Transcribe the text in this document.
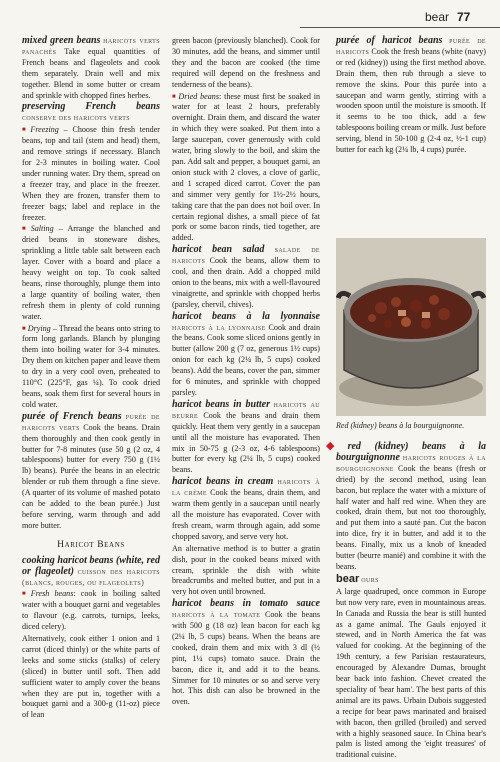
bear 77

mixed green beans haricots verts panachés Take equal quantities of French beans and flageolets and cook them separately. Drain well and mix together. Blend in some butter or cream and sprinkle with chopped fines herbes.

preserving French beans conserve des haricots verts

■ Freezing – Choose thin fresh tender beans, top and tail (stem and head) them, and remove strings if necessary. Blanch for 2-3 minutes in boiling water. Cool under running water. Dry them, spread on a freezer tray, and place in the freezer. When they are frozen, transfer them to freezer bags; label and replace in the freezer.

■ Salting – Arrange the blanched and dried beans in stoneware dishes, sprinkling a little table salt between each layer. Cover with a board and place a heavy weight on top. To cook salted beans, rinse thoroughly, plunge them into a large quantity of boiling water, then refresh them in plenty of cold running water.

■ Drying – Thread the beans onto string to form long garlands. Blanch by plunging them into boiling water for 3-4 minutes. Dry them on kitchen paper and leave them to dry in a very cool oven, preheated to 110°C (225°F, gas ¼). To cook dried beans, soak them first for several hours in cold water.

purée of French beans purée de haricots verts Cook the beans. Drain them thoroughly and then cook gently in butter for 7-8 minutes (use 50 g (2 oz, 4 tablespoons) butter for every 750 g (1½ lb) beans). Purée the beans in an electric blender or rub them through a fine sieve. (A quarter of its volume of mashed potato can be added to the bean purée.) Just before serving, warm through and add more butter.

Haricot Beans

cooking haricot beans (white, red or flageolet) cuisson des haricots (blancs, rouges, ou flageolets)

■ Fresh beans: cook in boiling salted water with a bouquet garni and vegetables to flavour (e.g. carrots, turnips, leeks, diced celery).

Alternatively, cook either 1 onion and 1 carrot (diced thinly) or the white parts of leeks and some sticks (stalks) of celery (sliced) in butter until soft. Then add sufficient water to amply cover the beans when they are put in, together with a bouquet garni and a 300-g (11-oz) piece of lean

green bacon (previously blanched). Cook for 30 minutes, add the beans, and simmer until they and the bacon are cooked (the time required will depend on the freshness and tenderness of the beans).

■ Dried beans: these must first be soaked in water for at least 2 hours, preferably overnight. Drain them, and discard the water in which they were soaked. Put them into a large saucepan, cover generously with cold water, bring slowly to the boil, and skim the pan. Add salt and pepper, a bouquet garni, an onion stuck with 2 cloves, a clove of garlic, and 1 scraped diced carrot. Cover the pan and simmer very gently for 1½-2½ hours, taking care that the pan does not boil over. In certain regional dishes, a small piece of fat pork or some bacon rinds, tied together, are added.

haricot bean salad salade de haricots Cook the beans, allow them to cool, and then drain. Add a chopped mild onion to the beans, mix with a well-flavoured vinaigrette, and sprinkle with chopped herbs (parsley, chervil, chives).

haricot beans à la lyonnaise haricots à la lyonnaise Cook and drain the beans. Cook some sliced onions gently in butter (allow 200 g (7 oz, generous 1½ cups) onion for each kg (2¼ lb, 5 cups) cooked beans). Add the beans, cover the pan, simmer for 6 minutes, and sprinkle with chopped parsley.

haricot beans in butter haricots au beurre Cook the beans and drain them quickly. Heat them very gently in a saucepan until all the moisture has evaporated. Then mix in 50-75 g (2-3 oz, 4-6 tablespoons) butter for every kg (2¼ lb, 5 cups) cooked beans.

haricot beans in cream haricots à la crème Cook the beans, drain them, and warm them gently in a saucepan until nearly all the moisture has evaporated. Cover with fresh cream, warm through again, add some chopped savory, and serve very hot.

An alternative method is to butter a gratin dish, pour in the cooked beans mixed with cream, sprinkle the dish with white breadcrumbs and melted butter, and put in a very hot oven until browned.

haricot beans in tomato sauce haricots à la tomate Cook the beans with 500 g (18 oz) lean bacon for each kg (2¼ lb, 5 cups) beans. When the beans are cooked, drain them and mix with 3 dl (½ pint, 1¼ cups) tomato sauce. Drain the bacon, dice it, and add it to the beans. Simmer for 10 minutes or so and serve very hot. This dish can also be browned in the oven.

purée of haricot beans purée de haricots Cook the fresh beans (white (navy) or red (kidney)) using the first method above. Drain them, then rub through a sieve to remove the skins. Pour this purée into a saucepan and warm gently, stirring with a wooden spoon until the moisture is smooth. If it seems to be too thick, add a few tablespoons boiling cream or milk. Just before serving, blend in 50-100 g (2-4 oz, ½-1 cup) butter for each kg (2¼ lb, 4 cups) purée.

Red (kidney) beans à la bourguignonne.

◆ red (kidney) beans à la bourguignonne haricots rouges à la bourguignonne Cook the beans (fresh or dried) by the second method, using lean bacon, but replace the water with a mixture of half water and half red wine. When they are cooked, drain them, but not too thoroughly, and put them into a sauté pan. Cut the bacon into dice, fry it in butter, and add it to the beans. Finally, mix us a knob of kneaded butter (beurre manié) and combine it with the beans.

bear ours

A large quadruped, once common in Europe but now very rare, even in mountainous areas. In Canada and Russia the bear is still hunted as a game animal. The Gauls enjoyed it stewed, and in North America the fat was valued for cooking. At the beginning of the 19th century, a few Parisian restaurateurs, encouraged by Alexandre Dumas, brought bear back into fashion. Chevet created the speciality of 'bear ham'. The best parts of this animal are its paws. Urbain Dubois suggested a recipe for bear paws marinated and braised with bacon, then grilled (broiled) and served with a highly seasoned sauce. In China bear's palm is listed among the 'eight treasures' of traditional cuisine.
